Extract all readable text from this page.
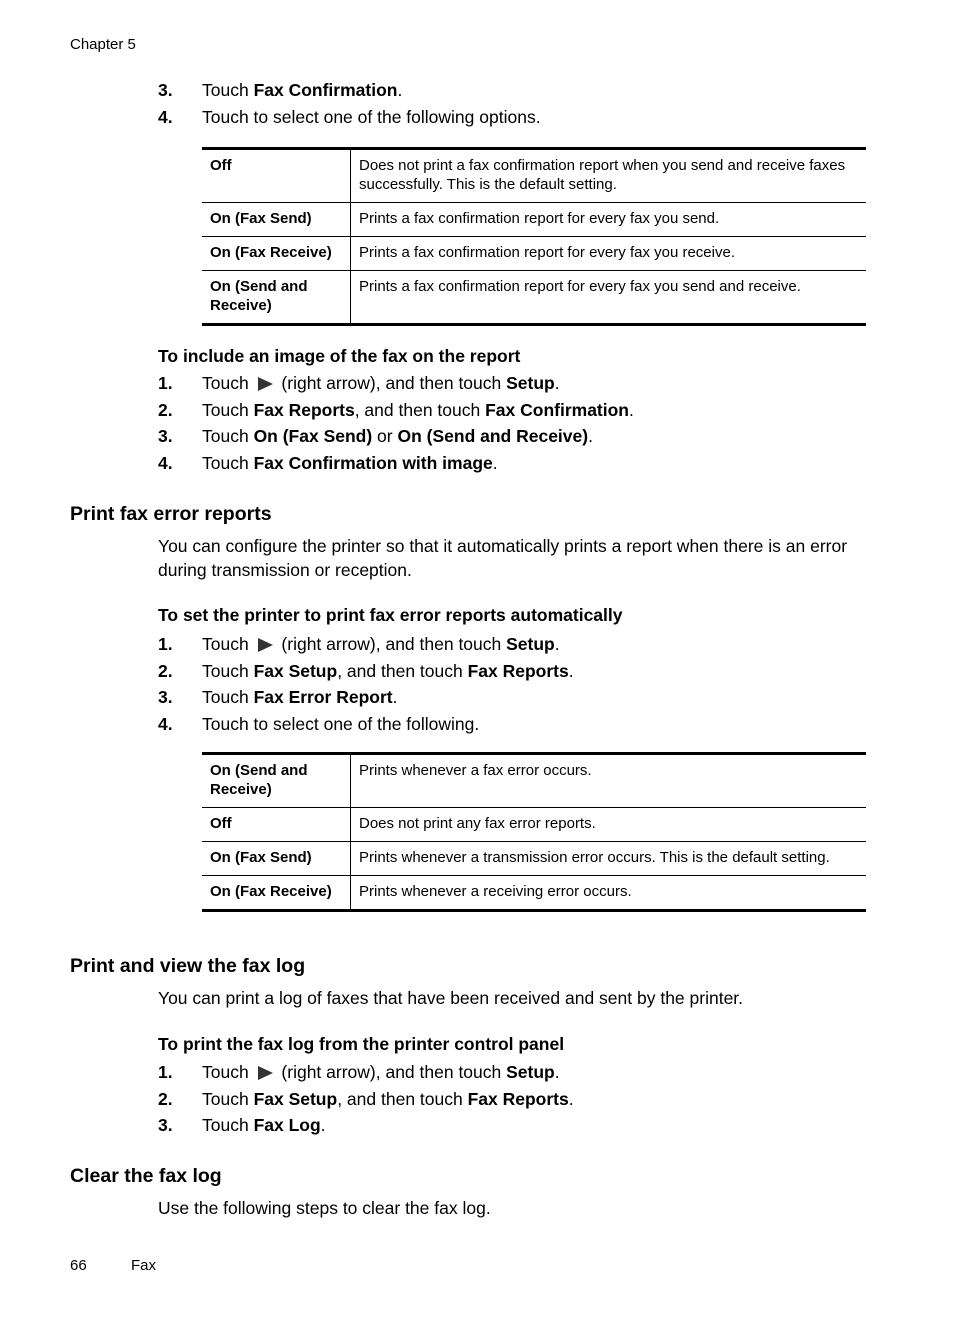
Chapter 5
3. Touch Fax Confirmation.
4. Touch to select one of the following options.
Off	Does not print a fax confirmation report when you send and receive faxes successfully. This is the default setting.
On (Fax Send)	Prints a fax confirmation report for every fax you send.
On (Fax Receive)	Prints a fax confirmation report for every fax you receive.
On (Send and Receive)	Prints a fax confirmation report for every fax you send and receive.
To include an image of the fax on the report
1. Touch  (right arrow), and then touch Setup.
2. Touch Fax Reports, and then touch Fax Confirmation.
3. Touch On (Fax Send) or On (Send and Receive).
4. Touch Fax Confirmation with image.
Print fax error reports
You can configure the printer so that it automatically prints a report when there is an error during transmission or reception.
To set the printer to print fax error reports automatically
1. Touch  (right arrow), and then touch Setup.
2. Touch Fax Setup, and then touch Fax Reports.
3. Touch Fax Error Report.
4. Touch to select one of the following.
On (Send and Receive)	Prints whenever a fax error occurs.
Off	Does not print any fax error reports.
On (Fax Send)	Prints whenever a transmission error occurs. This is the default setting.
On (Fax Receive)	Prints whenever a receiving error occurs.
Print and view the fax log
You can print a log of faxes that have been received and sent by the printer.
To print the fax log from the printer control panel
1. Touch  (right arrow), and then touch Setup.
2. Touch Fax Setup, and then touch Fax Reports.
3. Touch Fax Log.
Clear the fax log
Use the following steps to clear the fax log.
66	Fax
